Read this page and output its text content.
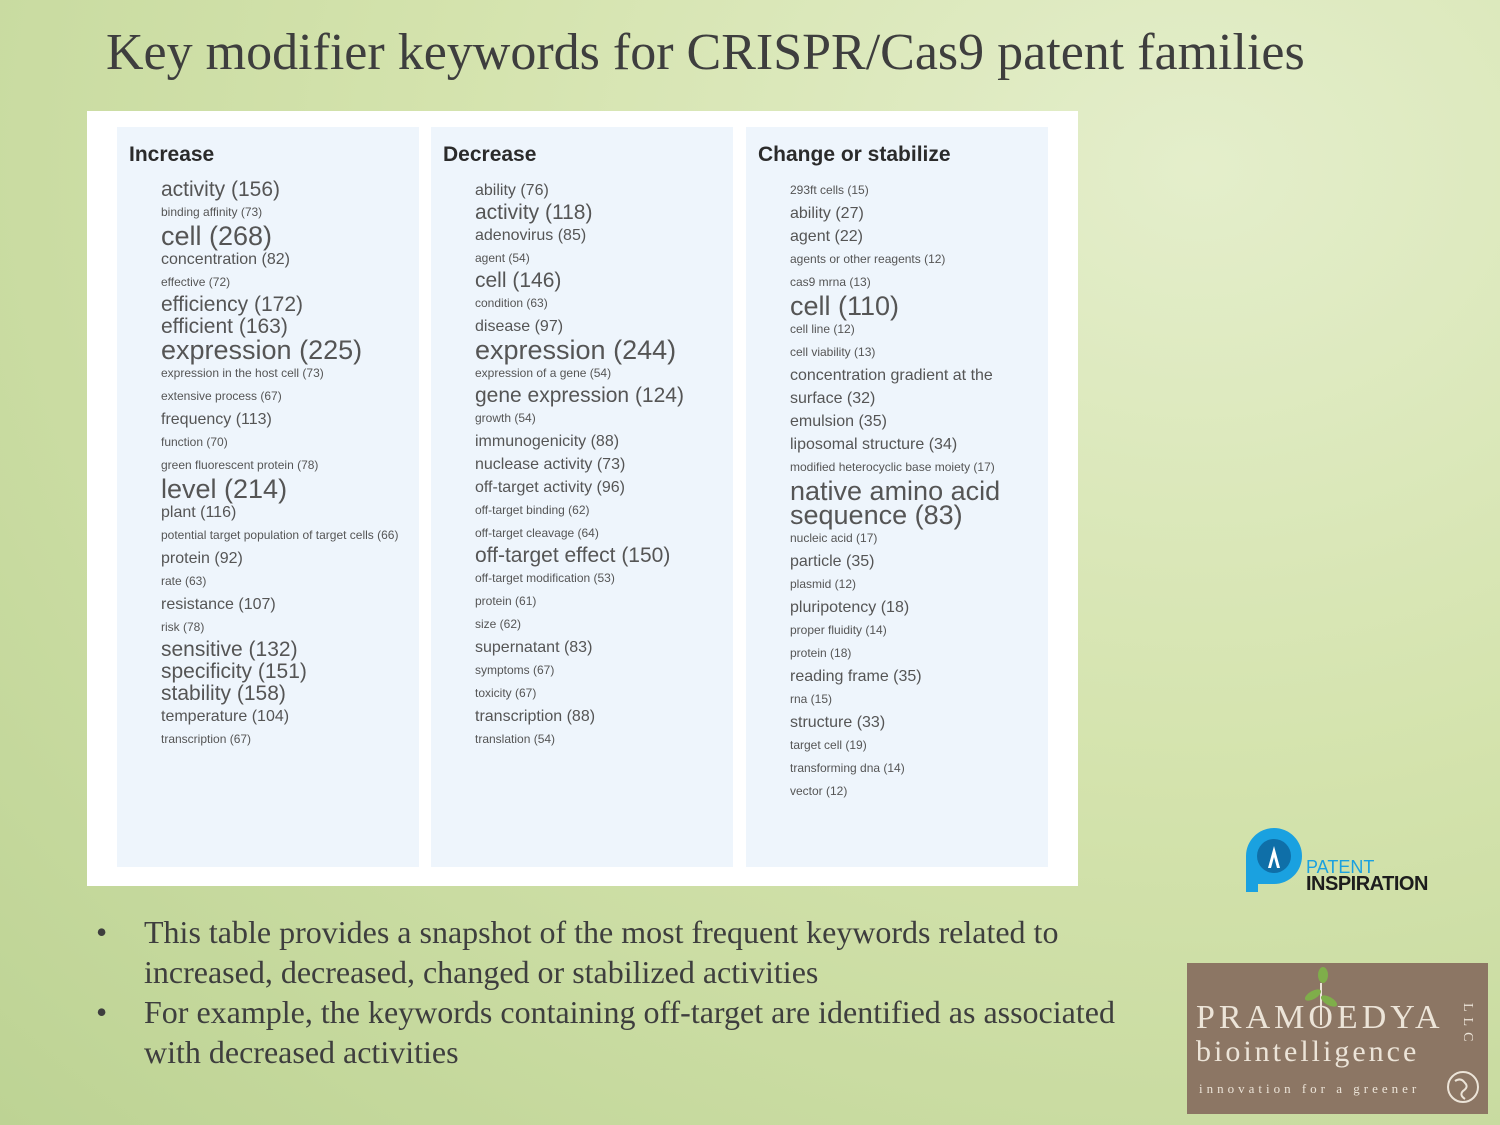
Key modifier keywords for CRISPR/Cas9 patent families
Increase
activity (156)
binding affinity (73)
cell (268)
concentration (82)
effective (72)
efficiency (172)
efficient (163)
expression (225)
expression in the host cell (73)
extensive process (67)
frequency (113)
function (70)
green fluorescent protein (78)
level (214)
plant (116)
potential target population of target cells (66)
protein (92)
rate (63)
resistance (107)
risk (78)
sensitive (132)
specificity (151)
stability (158)
temperature (104)
transcription (67)
Decrease
ability (76)
activity (118)
adenovirus (85)
agent (54)
cell (146)
condition (63)
disease (97)
expression (244)
expression of a gene (54)
gene expression (124)
growth (54)
immunogenicity (88)
nuclease activity (73)
off-target activity (96)
off-target binding (62)
off-target cleavage (64)
off-target effect (150)
off-target modification (53)
protein (61)
size (62)
supernatant (83)
symptoms (67)
toxicity (67)
transcription (88)
translation (54)
Change or stabilize
293ft cells (15)
ability (27)
agent (22)
agents or other reagents (12)
cas9 mrna (13)
cell (110)
cell line (12)
cell viability (13)
concentration gradient at the surface (32)
emulsion (35)
liposomal structure (34)
modified heterocyclic base moiety (17)
native amino acid sequence (83)
nucleic acid (17)
particle (35)
plasmid (12)
pluripotency (18)
proper fluidity (14)
protein (18)
reading frame (35)
rna (15)
structure (33)
target cell (19)
transforming dna (14)
vector (12)
• This table provides a snapshot of the most frequent keywords related to increased, decreased, changed or stabilized activities
• For example, the keywords containing off-target are identified as associated with decreased activities
PATENT
INSPIRATION
PRAMOEDYA
biointelligence
innovation for a greener
LLC
